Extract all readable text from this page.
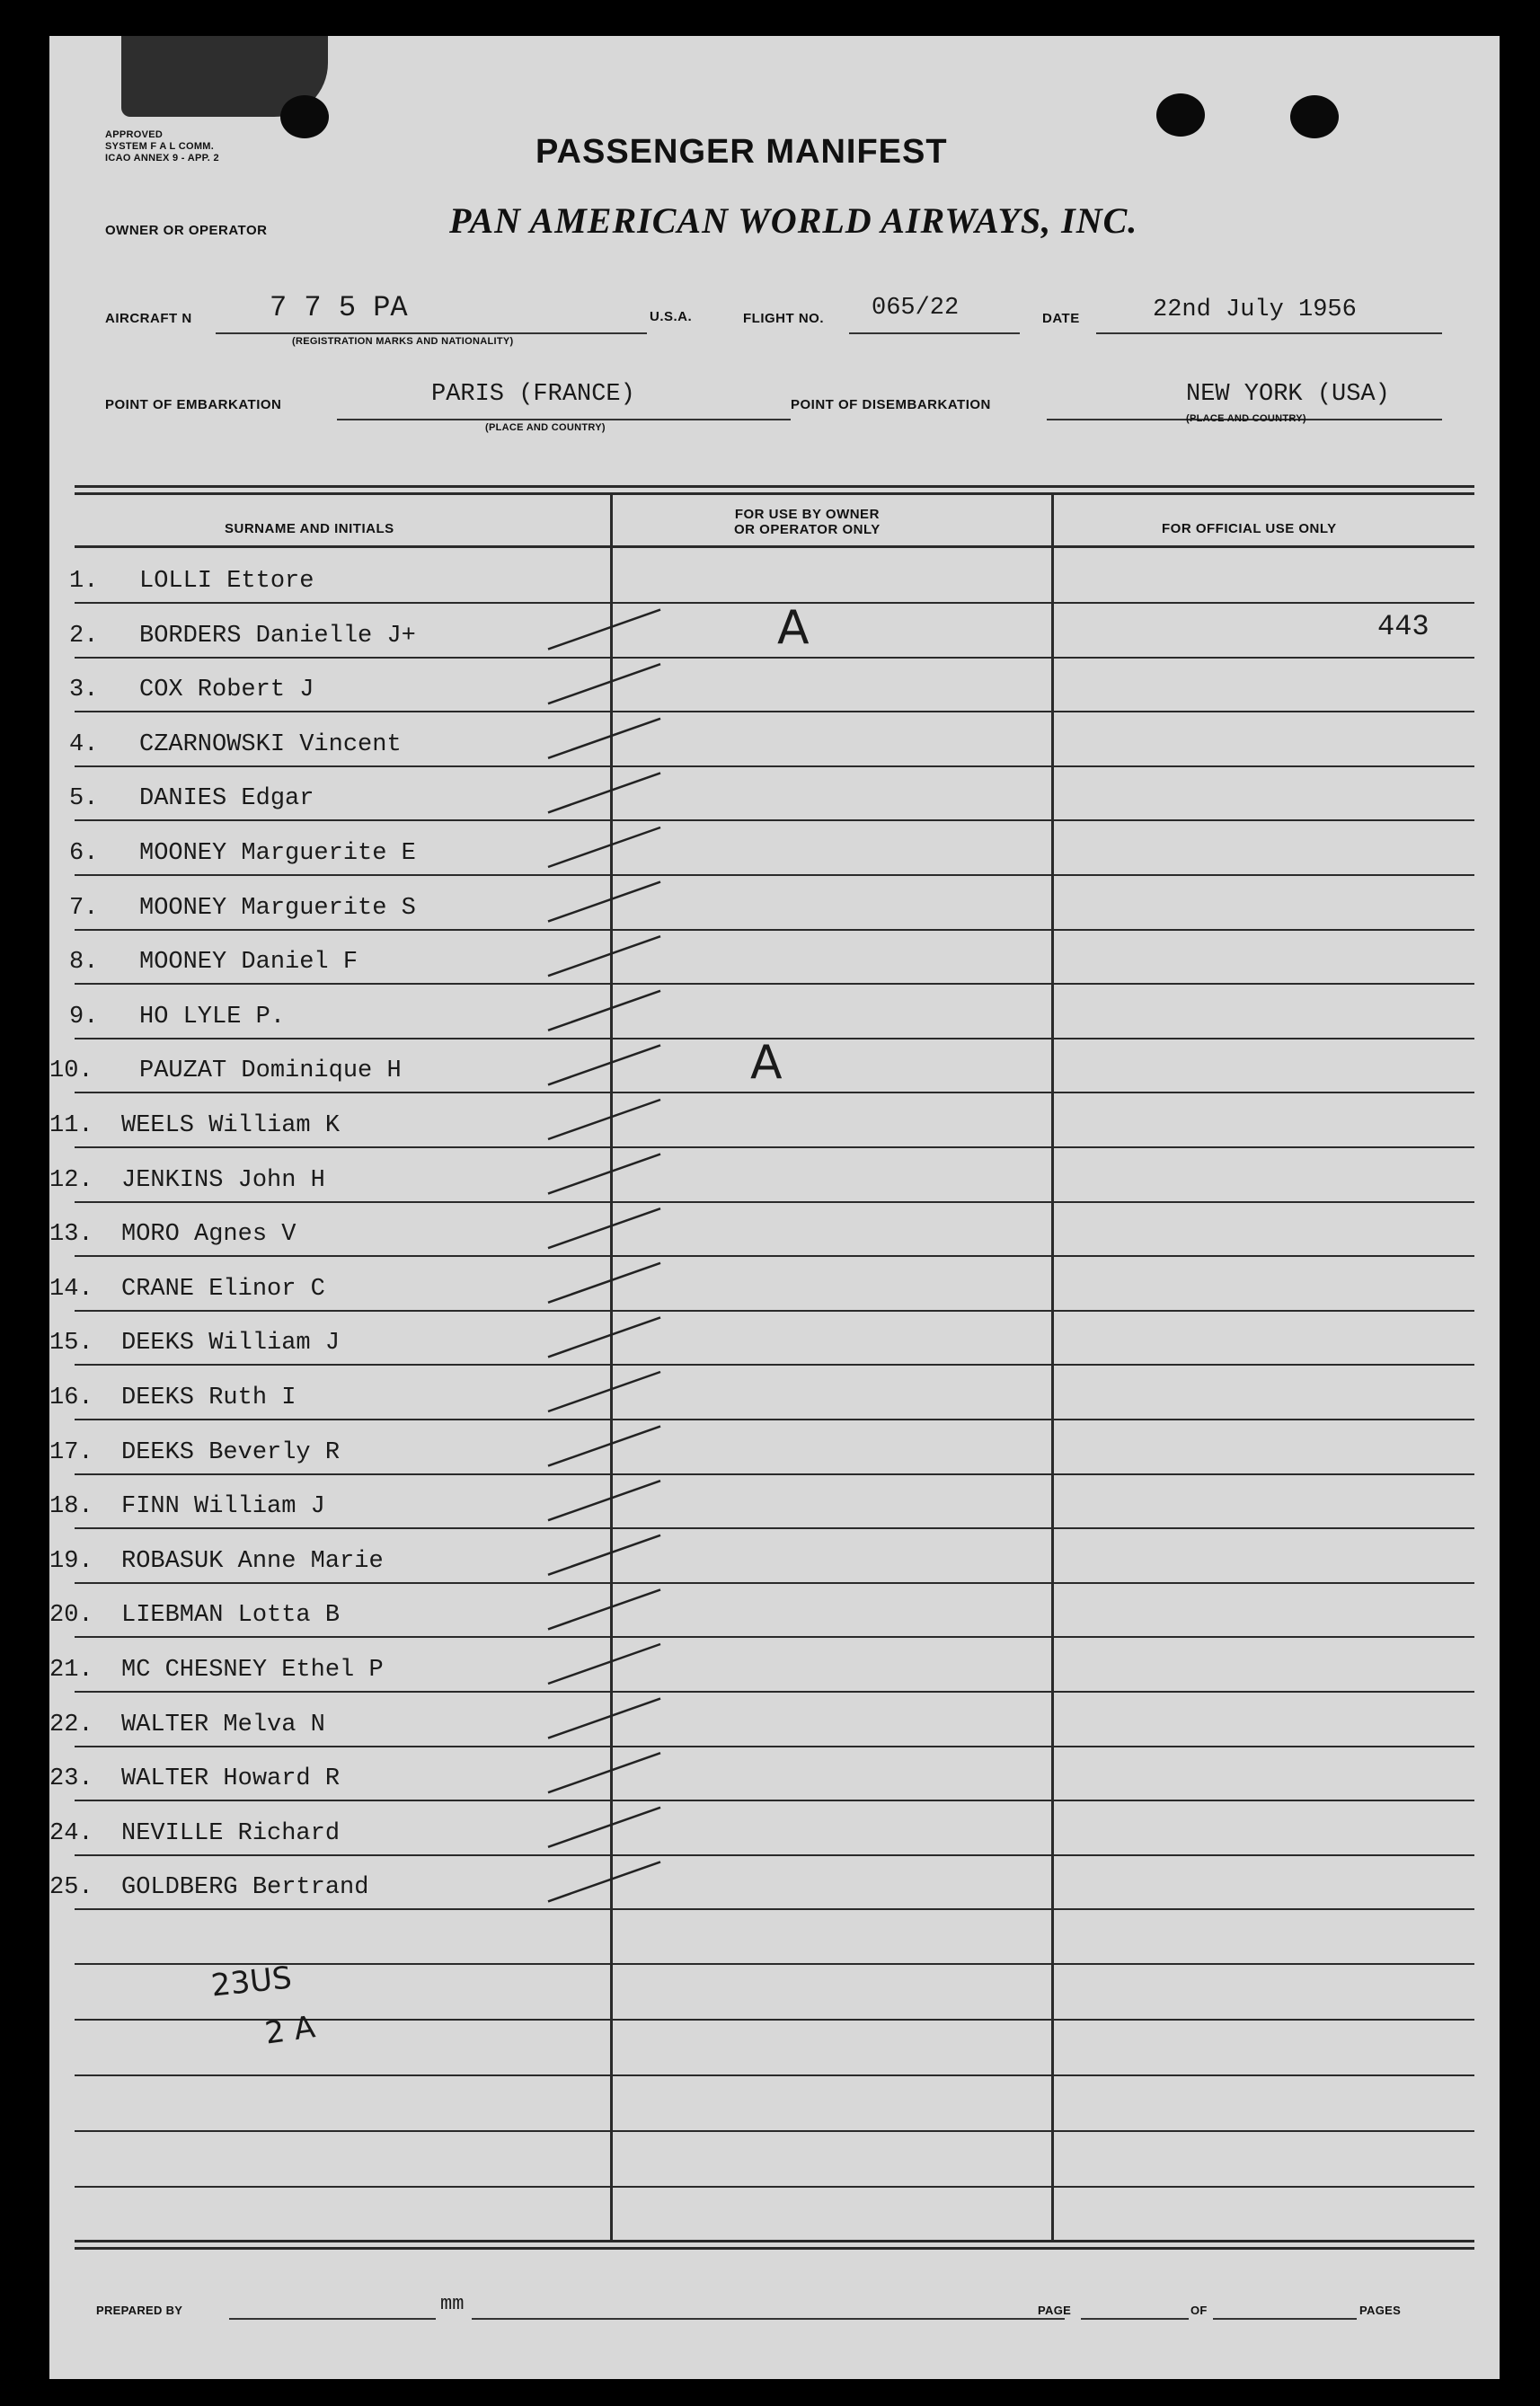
APPROVED
SYSTEM F A L COMM.
ICAO ANNEX 9 - APP. 2	PASSENGER MANIFEST
OWNER OR OPERATOR	PAN AMERICAN WORLD AIRWAYS, INC.
AIRCRAFT N	7 7 5 PA
(REGISTRATION MARKS AND NATIONALITY)
U.S.A.	FLIGHT NO. 065/22	DATE	22nd July 1956
POINT OF EMBARKATION	PARIS (FRANCE)
(PLACE AND COUNTRY)
POINT OF DISEMBARKATION	NEW YORK (USA)
(PLACE AND COUNTRY)
SURNAME AND INITIALS
FOR USE BY OWNER
OR OPERATOR ONLY	FOR OFFICIAL USE ONLY
1. LOLLI Ettore
2. BORDERS Danielle J+	A	443
3. COX Robert J
4. CZARNOWSKI Vincent
5. DANIES Edgar
6. MOONEY Marguerite E
7. MOONEY Marguerite S
8. MOONEY Daniel F
9. HO LYLE P.
10. PAUZAT Dominique H	A
11. WEELS William K
12. JENKINS John H
13. MORO Agnes V
14. CRANE Elinor C
15. DEEKS William J
16. DEEKS Ruth I
17. DEEKS Beverly R
18. FINN William J
19. ROBASUK Anne Marie
20. LIEBMAN Lotta B
21. MC CHESNEY Ethel P
22. WALTER Melva N
23. WALTER Howard R
24. NEVILLE Richard
25. GOLDBERG Bertrand
23US
2 A
PREPARED BY	mm	PAGE	OF	PAGES
